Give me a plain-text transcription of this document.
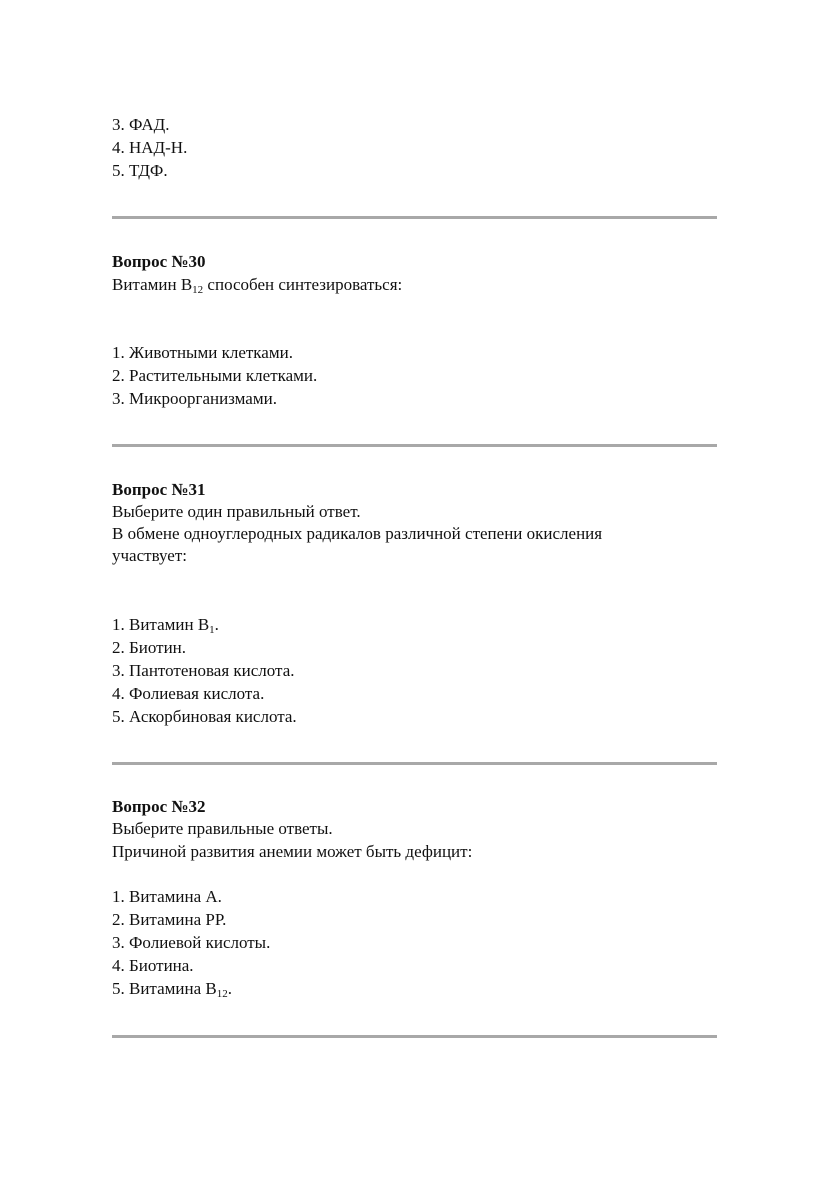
3. ФАД.
4. НАД-Н.
5. ТДФ.
Вопрос №30
Витамин $B_{12}$ способен синтезироваться:
1. Животными клетками.
2. Растительными клетками.
3. Микроорганизмами.
Вопрос №31
Выберите один правильный ответ.
В обмене одноуглеродных радикалов различной степени окисления
участвует:
1. Витамин $B_1$.
2. Биотин.
3. Пантотеновая кислота.
4. Фолиевая кислота.
5. Аскорбиновая кислота.
Вопрос №32
Выберите правильные ответы.
Причиной развития анемии может быть дефицит:
1. Витамина А.
2. Витамина РР.
3. Фолиевой кислоты.
4. Биотина.
5. Витамина $B_{12}$.
